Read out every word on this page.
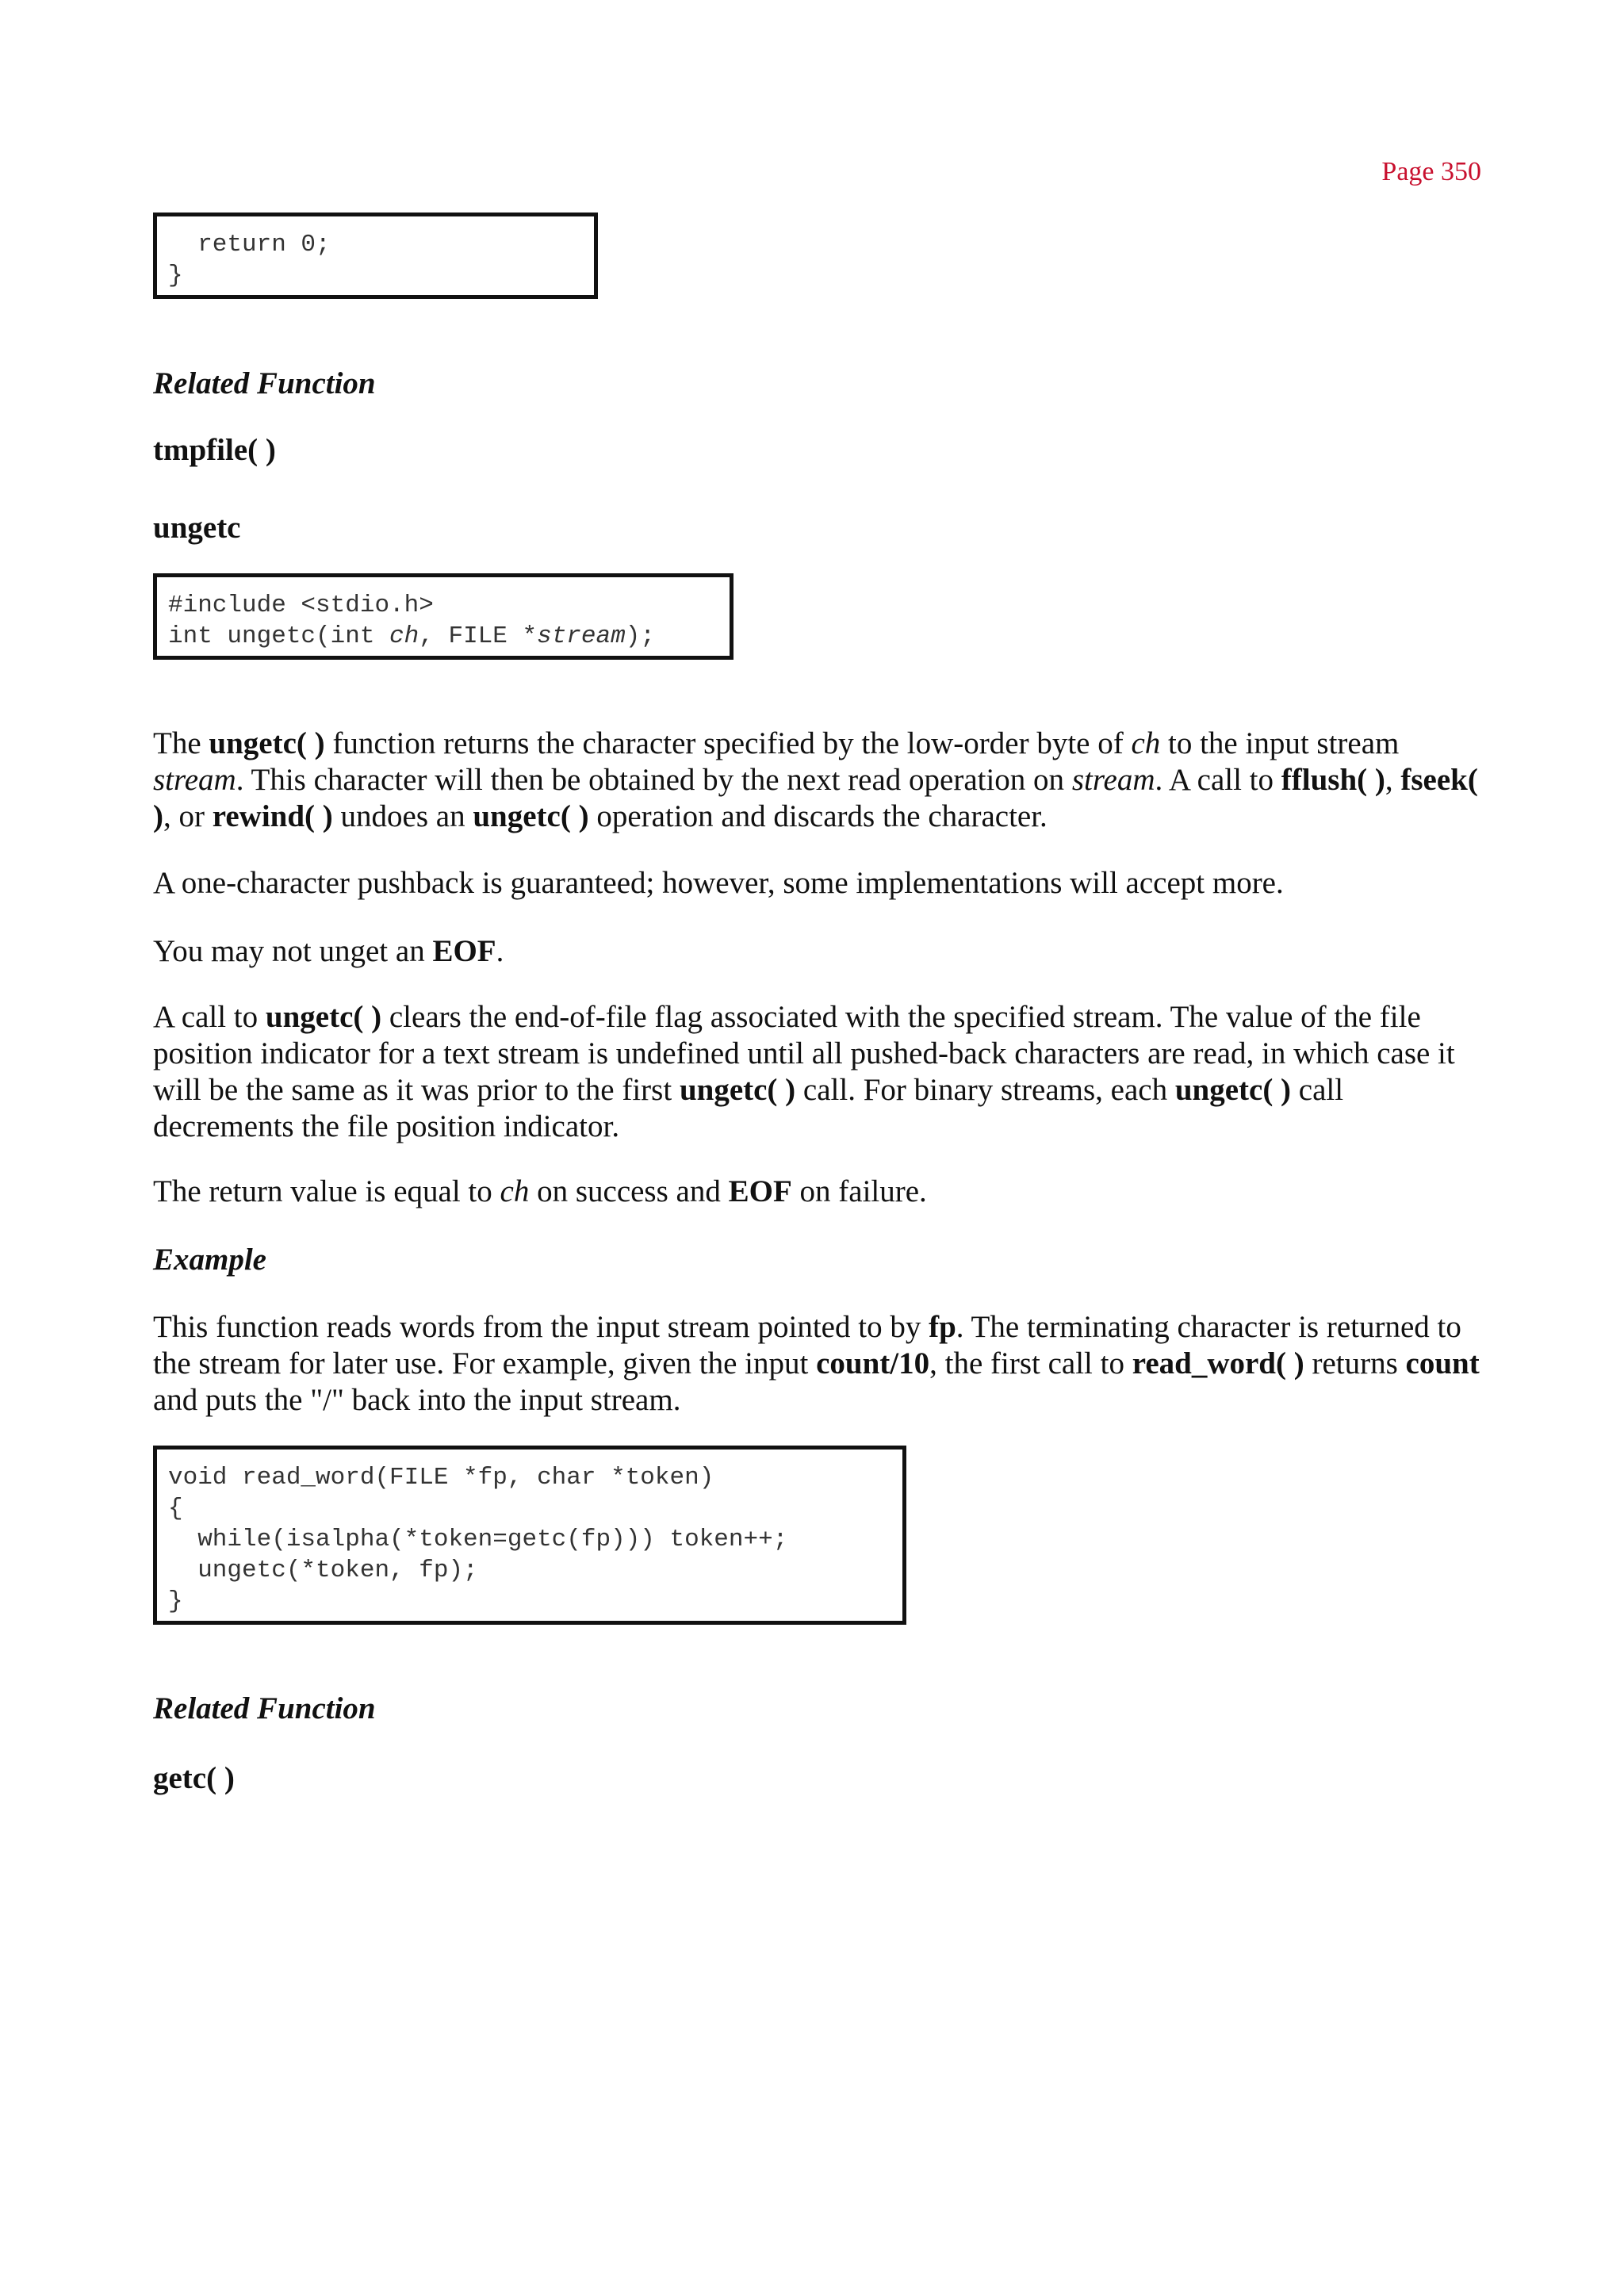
Page 350
return 0;
}
Related Function
tmpfile( )
ungetc
#include <stdio.h>
int ungetc(int ch, FILE *stream);

The ungetc( ) function returns the character specified by the low-order byte of ch to the input stream stream. This character will then be obtained by the next read operation on stream. A call to fflush( ), fseek( ), or rewind( ) undoes an ungetc( ) operation and discards the character.

A one-character pushback is guaranteed; however, some implementations will accept more.

You may not unget an EOF.

A call to ungetc( ) clears the end-of-file flag associated with the specified stream. The value of the file position indicator for a text stream is undefined until all pushed-back characters are read, in which case it will be the same as it was prior to the first ungetc( ) call. For binary streams, each ungetc( ) call decrements the file position indicator.

The return value is equal to ch on success and EOF on failure.

Example

This function reads words from the input stream pointed to by fp. The terminating character is returned to the stream for later use. For example, given the input count/10, the first call to read_word( ) returns count and puts the "/" back into the input stream.

void read_word(FILE *fp, char *token)
{
while(isalpha(*token=getc(fp))) token++;
ungetc(*token, fp);
}
Related Function
getc( )
